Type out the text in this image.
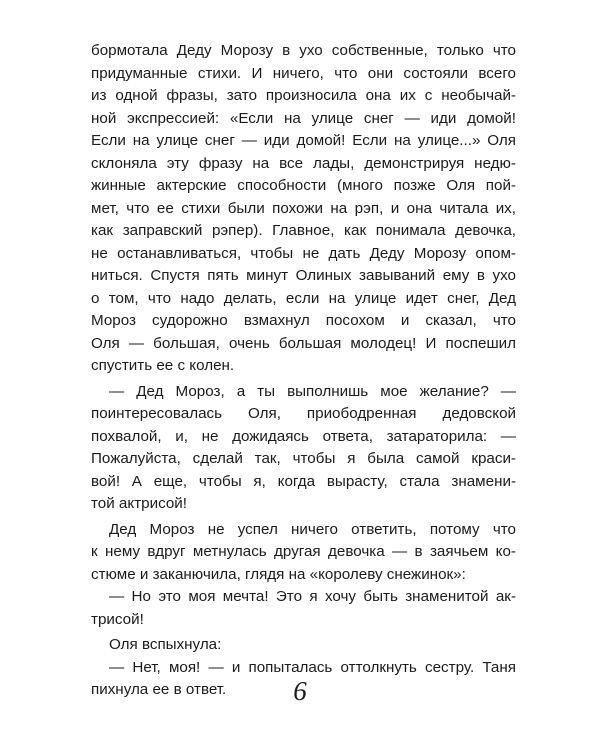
бормотала Деду Морозу в ухо собственные, только что
придуманные стихи. И ничего, что они состояли всего
из одной фразы, зато произносила она их с необычай-
ной экспрессией: «Если на улице снег — иди домой!
Если на улице снег — иди домой! Если на улице...» Оля
склоняла эту фразу на все лады, демонстрируя недю-
жинные актерские способности (много позже Оля пой-
мет, что ее стихи были похожи на рэп, и она читала их,
как заправский рэпер). Главное, как понимала девочка,
не останавливаться, чтобы не дать Деду Морозу опом-
ниться. Спустя пять минут Олиных завываний ему в ухо
о том, что надо делать, если на улице идет снег, Дед
Мороз судорожно взмахнул посохом и сказал, что
Оля — большая, очень большая молодец! И поспешил
спустить ее с колен.
— Дед Мороз, а ты выполнишь мое желание? —
поинтересовалась Оля, приободренная дедовской
похвалой, и, не дожидаясь ответа, затараторила: —
Пожалуйста, сделай так, чтобы я была самой краси-
вой! А еще, чтобы я, когда вырасту, стала знамени-
той актрисой!
Дед Мороз не успел ничего ответить, потому что
к нему вдруг метнулась другая девочка — в заячьем ко-
стюме и заканючила, глядя на «королеву снежинок»:
— Но это моя мечта! Это я хочу быть знаменитой ак-
трисой!
Оля вспыхнула:
— Нет, моя! — и попыталась оттолкнуть сестру. Таня
пихнула ее в ответ.	6
